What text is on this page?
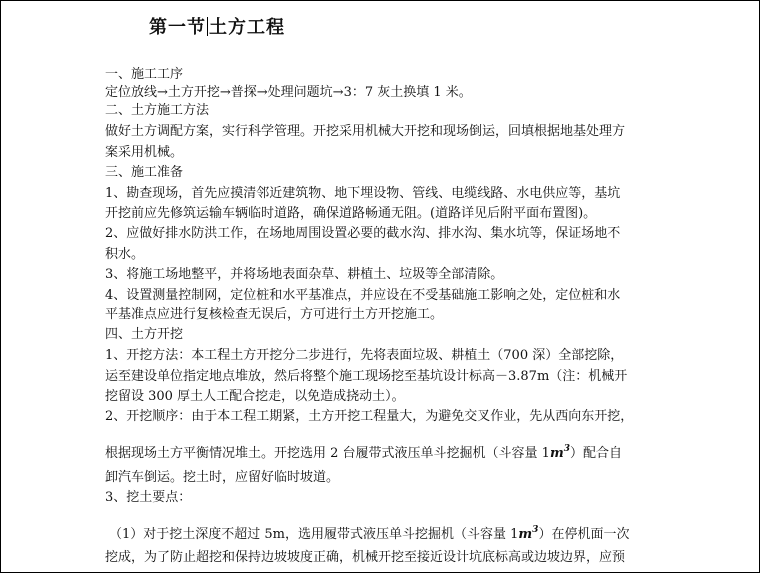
第一节 土方工程
一、施工工序
定位放线→土方开挖→普探→处理问题坑→3：7 灰土换填 1 米。
二、土方施工方法
做好土方调配方案，实行科学管理。开挖采用机械大开挖和现场倒运，回填根据地基处理方
案采用机械。
三、施工准备
1、勘查现场，首先应摸清邻近建筑物、地下埋设物、管线、电缆线路、水电供应等，基坑
开挖前应先修筑运输车辆临时道路，确保道路畅通无阻。(道路详见后附平面布置图)。
2、应做好排水防洪工作，在场地周围设置必要的截水沟、排水沟、集水坑等，保证场地不
积水。
3、将施工场地整平，并将场地表面杂草、耕植土、垃圾等全部清除。
4、设置测量控制网，定位桩和水平基准点，并应设在不受基础施工影响之处，定位桩和水
平基准点应进行复核检查无误后，方可进行土方开挖施工。
四、土方开挖
1、开挖方法：本工程土方开挖分二步进行，先将表面垃圾、耕植土（700 深）全部挖除，
运至建设单位指定地点堆放，然后将整个施工现场挖至基坑设计标高－3.87m（注：机械开
挖留设 300 厚土人工配合挖走，以免造成挠动土）。
2、开挖顺序：由于本工程工期紧，土方开挖工程量大，为避免交叉作业，先从西向东开挖，
根据现场土方平衡情况堆土。开挖选用 2 台履带式液压单斗挖掘机（斗容量 $1m^3$）配合自
卸汽车倒运。挖土时，应留好临时坡道。
3、挖土要点：
（1）对于挖土深度不超过 5m，选用履带式液压单斗挖掘机（斗容量 $1m^3$）在停机面一次
挖成，为了防止超挖和保持边坡坡度正确，机械开挖至接近设计坑底标高或边坡边界，应预
